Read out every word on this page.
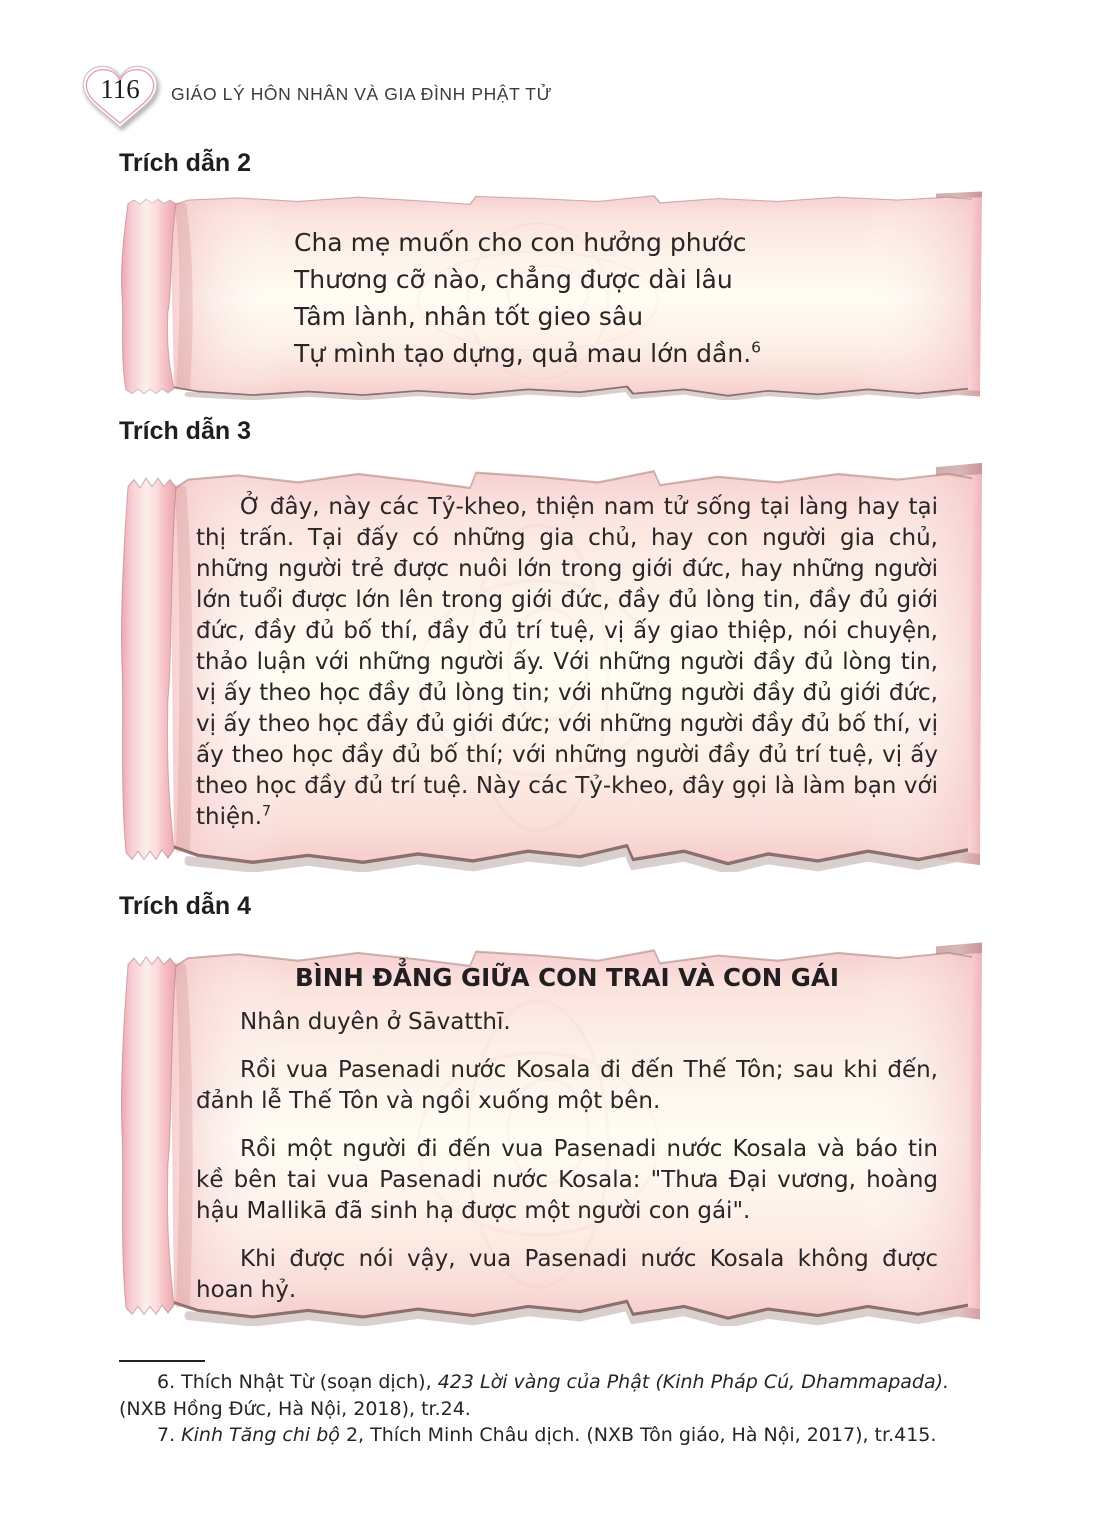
116	GIÁO LÝ HÔN NHÂN VÀ GIA ĐÌNH PHẬT TỬ
Trích dẫn 2
Cha mẹ muốn cho con hưởng phước
Thương cỡ nào, chẳng được dài lâu
Tâm lành, nhân tốt gieo sâu
Tự mình tạo dựng, quả mau lớn dần.$^6$
Trích dẫn 3

Ở đây, này các Tỷ-kheo, thiện nam tử sống tại làng hay tại thị trấn. Tại đấy có những gia chủ, hay con người gia chủ, những người trẻ được nuôi lớn trong giới đức, hay những người lớn tuổi được lớn lên trong giới đức, đầy đủ lòng tin, đầy đủ giới đức, đầy đủ bố thí, đầy đủ trí tuệ, vị ấy giao thiệp, nói chuyện, thảo luận với những người ấy. Với những người đầy đủ lòng tin, vị ấy theo học đầy đủ lòng tin; với những người đầy đủ giới đức, vị ấy theo học đầy đủ giới đức; với những người đầy đủ bố thí, vị ấy theo học đầy đủ bố thí; với những người đầy đủ trí tuệ, vị ấy theo học đầy đủ trí tuệ. Này các Tỷ-kheo, đây gọi là làm bạn với thiện.$^7$

Trích dẫn 4

BÌNH ĐẲNG GIỮA CON TRAI VÀ CON GÁI

Nhân duyên ở Sāvatthī.

Rồi vua Pasenadi nước Kosala đi đến Thế Tôn; sau khi đến, đảnh lễ Thế Tôn và ngồi xuống một bên.

Rồi một người đi đến vua Pasenadi nước Kosala và báo tin kề bên tai vua Pasenadi nước Kosala: "Thưa Đại vương, hoàng hậu Mallikā đã sinh hạ được một người con gái".

Khi được nói vậy, vua Pasenadi nước Kosala không được hoan hỷ.

6. Thích Nhật Từ (soạn dịch), 423 Lời vàng của Phật (Kinh Pháp Cú, Dhammapada). (NXB Hồng Đức, Hà Nội, 2018), tr.24.

7. Kinh Tăng chi bộ 2, Thích Minh Châu dịch. (NXB Tôn giáo, Hà Nội, 2017), tr.415.
